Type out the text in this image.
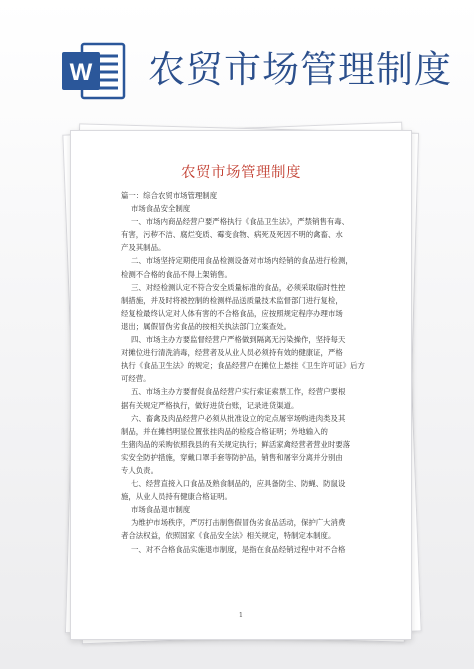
W 农贸市场管理制度
农贸市场管理制度
篇一：综合农贸市场管理制度
市场食品安全制度
一、市场内商品经营户要严格执行《食品卫生法》，严禁销售有毒、
有害，污秽不洁、腐烂变质、霉变食物、病死及死因不明的禽畜、水
产及其制品。
二、市场坚持定期使用食品检测设备对市场内经销的食品进行检测，
检测不合格的食品不得上架销售。
三、对经检测认定不符合安全质量标准的食品，必须采取临时性控
制措施，并及时将被控制的检测样品送质量技术监督部门进行复检，
经复检最终认定对人体有害的不合格食品，应按照规定程序办理市场
退出；属假冒伪劣食品的按相关执法部门立案查处。
四、市场主办方要监督经营户严格做到隔离无污染操作，坚持每天
对摊位进行清洗消毒，经营者及从业人员必须持有效的健康证，严格
执行《食品卫生法》的规定；食品经营户在摊位上悬挂《卫生许可证》后方
可经营。
五、市场主办方要督促食品经营户实行索证索票工作，经营户要根
据有关规定严格执行，做好进货台账，记录进货渠道。
六、畜禽及肉品经营户必须从批准设立的定点屠宰场购进肉类及其
制品，并在摊档明显位置张挂肉品的检疫合格证明；外地输入的
生猪肉品的采购依照我县的有关规定执行；鲜活家禽经营者营业时要落
实安全防护措施，穿戴口罩手套等防护品，销售和屠宰分离并分别由
专人负责。
七、经营直接入口食品及熟食制品的，应具备防尘、防蝇、防鼠设
施，从业人员持有健康合格证明。
市场食品退市制度
为维护市场秩序，严厉打击制售假冒伪劣食品活动，保护广大消费
者合法权益，依照国家《食品安全法》相关规定，特制定本制度。
一、对不合格食品实施退市制度，是指在食品经销过程中对不合格
1
